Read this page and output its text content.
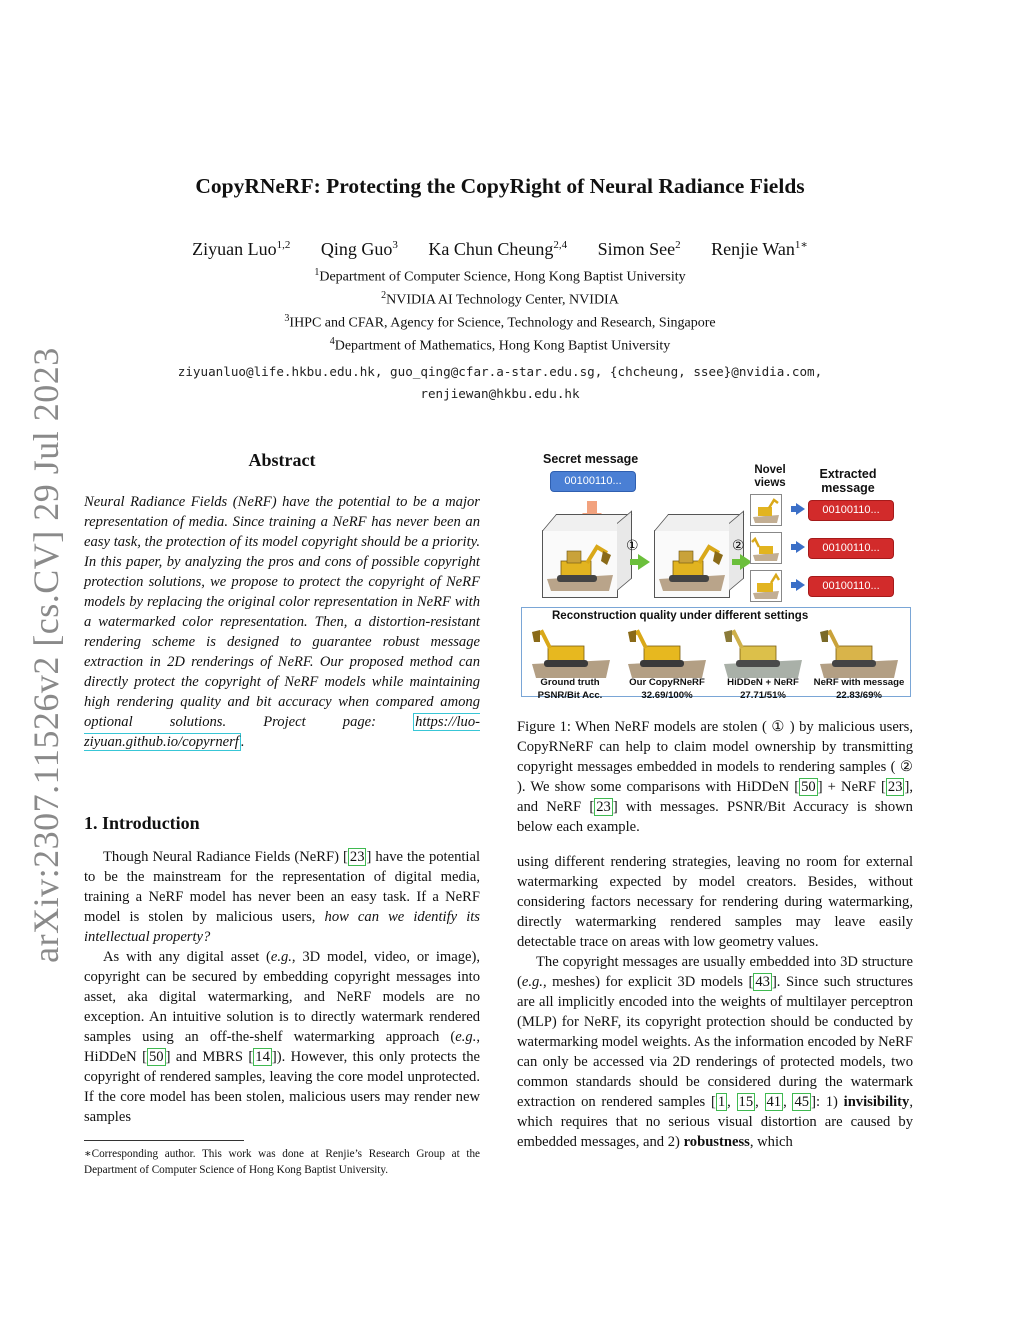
arXiv:2307.11526v2 [cs.CV] 29 Jul 2023
CopyRNeRF: Protecting the CopyRight of Neural Radiance Fields
Ziyuan Luo$^{1,2}$ Qing Guo$^3$ Ka Chun Cheung$^{2,4}$ Simon See$^2$ Renjie Wan$^{1∗}$
$^1$Department of Computer Science, Hong Kong Baptist University
$^2$NVIDIA AI Technology Center, NVIDIA
$^3$IHPC and CFAR, Agency for Science, Technology and Research, Singapore
$^4$Department of Mathematics, Hong Kong Baptist University
ziyuanluo@life.hkbu.edu.hk, guo_qing@cfar.a-star.edu.sg, {chcheung, ssee}@nvidia.com,
renjiewan@hkbu.edu.hk
Abstract
Neural Radiance Fields (NeRF) have the potential to be a major representation of media. Since training a NeRF has never been an easy task, the protection of its model copyright should be a priority. In this paper, by analyzing the pros and cons of possible copyright protection solutions, we propose to protect the copyright of NeRF models by replacing the original color representation in NeRF with a watermarked color representation. Then, a distortion-resistant rendering scheme is designed to guarantee robust message extraction in 2D renderings of NeRF. Our proposed method can directly protect the copyright of NeRF models while maintaining high rendering quality and bit accuracy when compared among optional solutions. Project page:	https://luo-ziyuan.github.io/copyrnerf .
1. Introduction

Though Neural Radiance Fields (NeRF) [ 23 ] have the potential to be the mainstream for the representation of digital media, training a NeRF model has never been an easy task. If a NeRF model is stolen by malicious users, how can we identify its intellectual property?

As with any digital asset (e.g., 3D model, video, or image), copyright can be secured by embedding copyright messages into asset, aka digital watermarking, and NeRF models are no exception. An intuitive solution is to directly watermark rendered samples using an off-the-shelf watermarking approach (e.g., HiDDeN [ 50 ] and MBRS [ 14 ]). However, this only protects the copyright of rendered samples, leaving the core model unprotected. If the core model has been stolen, malicious users may render new samples

∗Corresponding author. This work was done at Renjie’s Research Group at the Department of Computer Science of Hong Kong Baptist University.
Secret message
00100110...
Novel views
Extracted message
①	②
00100110...
00100110...
00100110...
Reconstruction quality under different settings
Ground truth
PSNR/Bit Acc.
Our CopyRNeRF
32.69/100%
HiDDeN + NeRF
27.71/51%
NeRF with message
22.83/69%
Figure 1: When NeRF models are stolen ( ① ) by malicious users, CopyRNeRF can help to claim model ownership by transmitting copyright messages embedded in models to rendering samples ( ② ). We show some comparisons with HiDDeN [ 50 ] + NeRF [ 23 ], and NeRF [ 23 ] with messages. PSNR/Bit Accuracy is shown below each example.

using different rendering strategies, leaving no room for external watermarking expected by model creators. Besides, without considering factors necessary for rendering during watermarking, directly watermarking rendered samples may leave easily detectable trace on areas with low geometry values.

The copyright messages are usually embedded into 3D structure (e.g., meshes) for explicit 3D models [ 43 ]. Since such structures are all implicitly encoded into the weights of multilayer perceptron (MLP) for NeRF, its copyright protection should be conducted by watermarking model weights. As the information encoded by NeRF can only be accessed via 2D renderings of protected models, two common standards should be considered during the watermark extraction on rendered samples [ 1 , 15 , 41 , 45 ]: 1) invisibility, which requires that no serious visual distortion are caused by embedded messages, and 2) robustness, which
